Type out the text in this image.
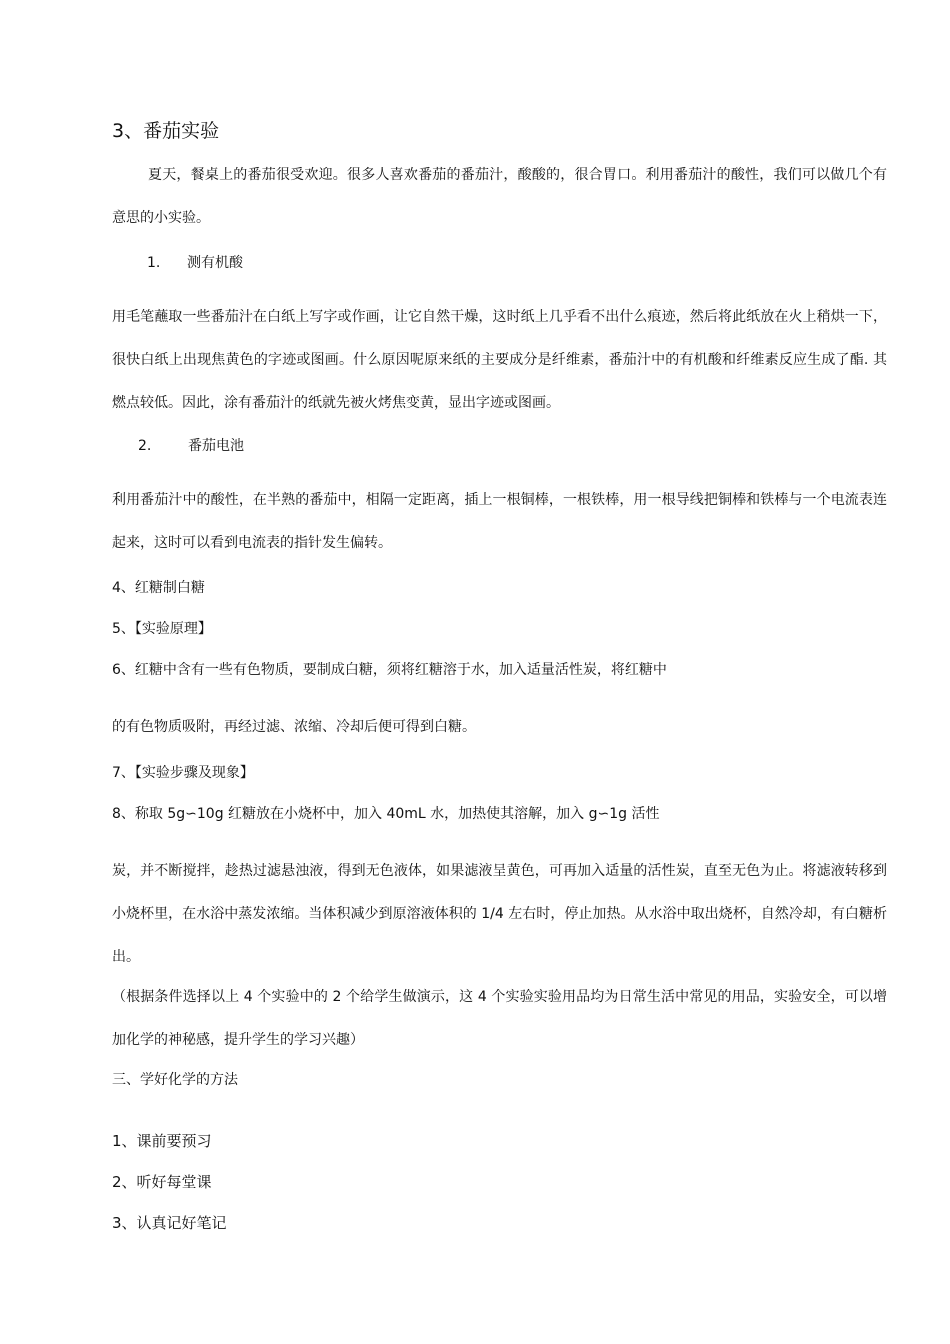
3、番茄实验

夏天，餐桌上的番茄很受欢迎。很多人喜欢番茄的番茄汁，酸酸的，很合胃口。利用番茄汁的酸性，我们可以做几个有意思的小实验。

1. 测有机酸

用毛笔蘸取一些番茄汁在白纸上写字或作画，让它自然干燥，这时纸上几乎看不出什么痕迹，然后将此纸放在火上稍烘一下，很快白纸上出现焦黄色的字迹或图画。什么原因呢原来纸的主要成分是纤维素，番茄汁中的有机酸和纤维素反应生成了酯. 其燃点较低。因此，涂有番茄汁的纸就先被火烤焦变黄，显出字迹或图画。

2.	番茄电池

利用番茄汁中的酸性，在半熟的番茄中，相隔一定距离，插上一根铜棒，一根铁棒，用一根导线把铜棒和铁棒与一个电流表连起来，这时可以看到电流表的指针发生偏转。

4、红糖制白糖

5、【实验原理】

6、红糖中含有一些有色物质，要制成白糖，须将红糖溶于水，加入适量活性炭，将红糖中

的有色物质吸附，再经过滤、浓缩、冷却后便可得到白糖。

7、【实验步骤及现象】

8、称取 5g∽10g 红糖放在小烧杯中，加入 40mL 水，加热使其溶解，加入 g∽1g 活性

炭，并不断搅拌，趁热过滤悬浊液，得到无色液体，如果滤液呈黄色，可再加入适量的活性炭，直至无色为止。将滤液转移到小烧杯里，在水浴中蒸发浓缩。当体积减少到原溶液体积的 1/4 左右时，停止加热。从水浴中取出烧杯，自然冷却，有白糖析出。

（根据条件选择以上 4 个实验中的 2 个给学生做演示，这 4 个实验实验用品均为日常生活中常见的用品，实验安全，可以增加化学的神秘感，提升学生的学习兴趣）

三、学好化学的方法

1、课前要预习

2、听好每堂课

3、认真记好笔记
